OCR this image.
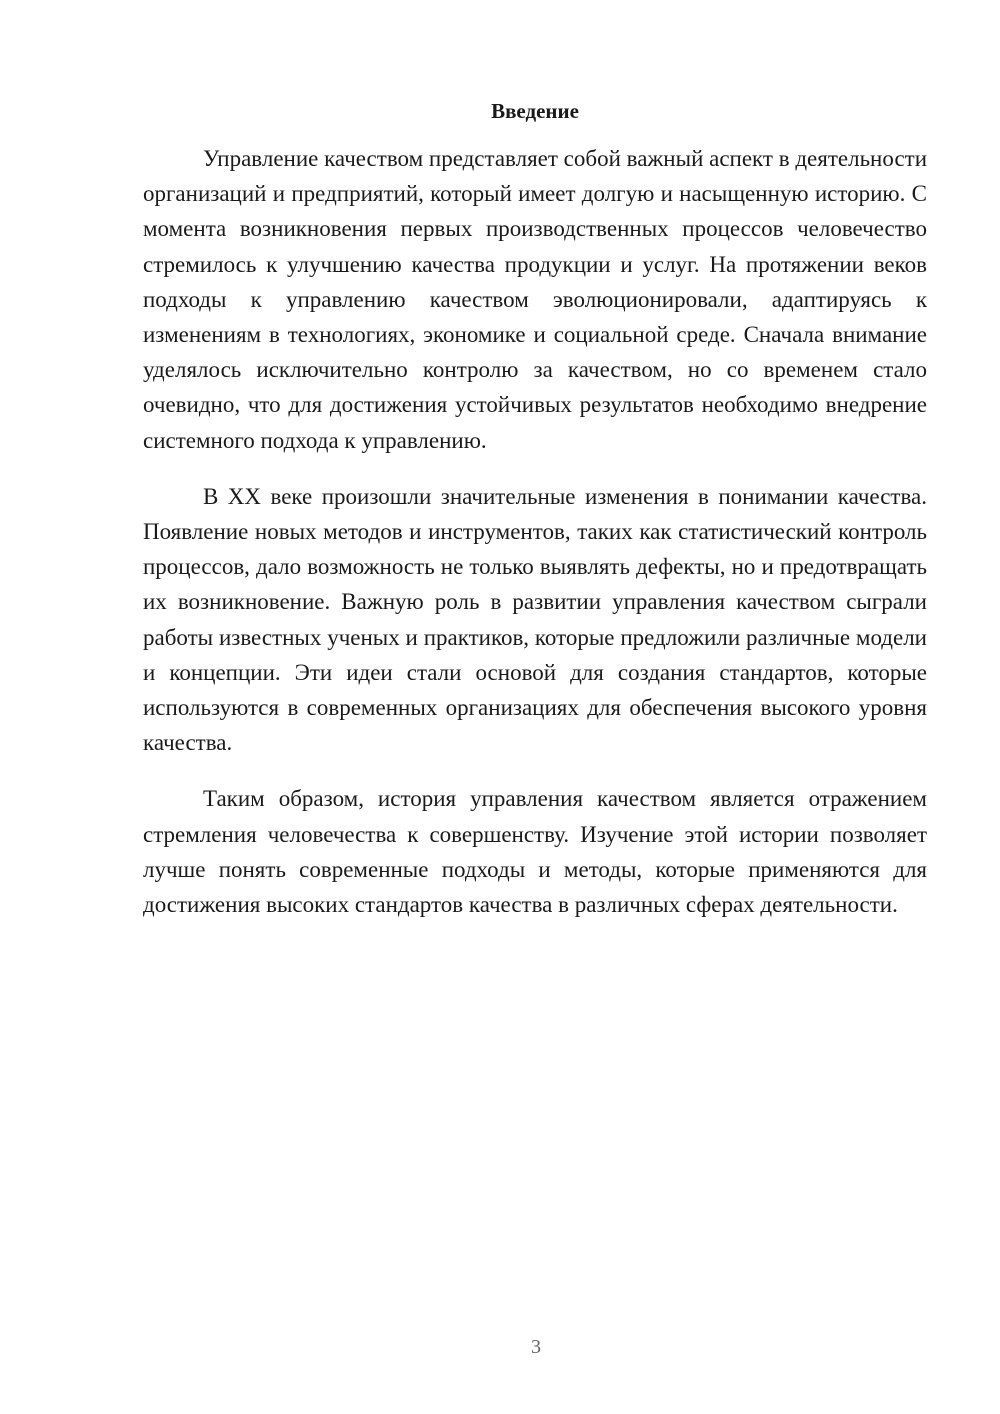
Введение

Управление качеством представляет собой важный аспект в деятельности организаций и предприятий, который имеет долгую и насыщенную историю. С момента возникновения первых производственных процессов человечество стремилось к улучшению качества продукции и услуг. На протяжении веков подходы к управлению качеством эволюционировали, адаптируясь к изменениям в технологиях, экономике и социальной среде. Сначала внимание уделялось исключительно контролю за качеством, но со временем стало очевидно, что для достижения устойчивых результатов необходимо внедрение системного подхода к управлению.

В XX веке произошли значительные изменения в понимании качества. Появление новых методов и инструментов, таких как статистический контроль процессов, дало возможность не только выявлять дефекты, но и предотвращать их возникновение. Важную роль в развитии управления качеством сыграли работы известных ученых и практиков, которые предложили различные модели и концепции. Эти идеи стали основой для создания стандартов, которые используются в современных организациях для обеспечения высокого уровня качества.

Таким образом, история управления качеством является отражением стремления человечества к совершенству. Изучение этой истории позволяет лучше понять современные подходы и методы, которые применяются для достижения высоких стандартов качества в различных сферах деятельности.

3
